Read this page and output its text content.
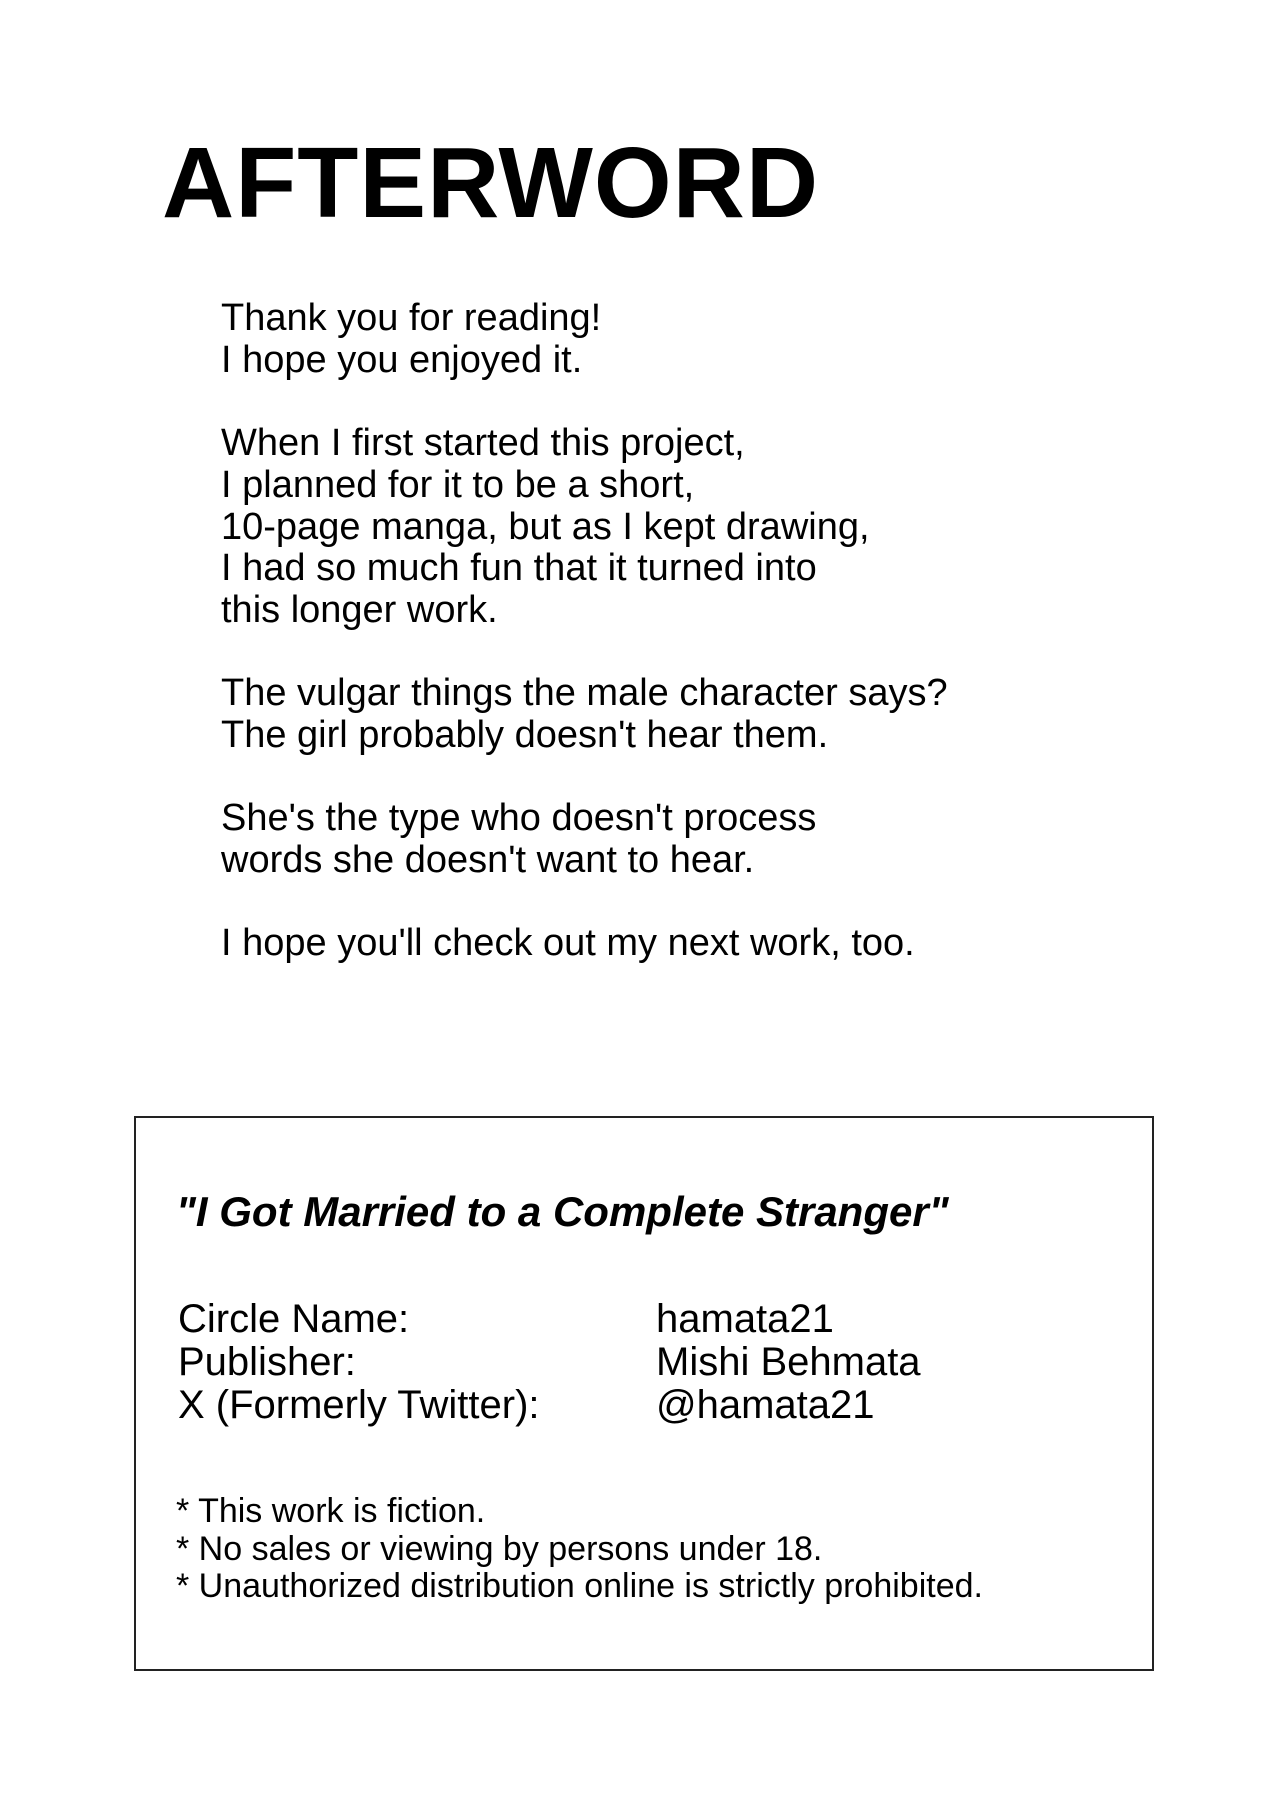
AFTERWORD

Thank you for reading!
I hope you enjoyed it.

When I first started this project,
I planned for it to be a short,
10-page manga, but as I kept drawing,
I had so much fun that it turned into
this longer work.

The vulgar things the male character says?
The girl probably doesn't hear them.

She's the type who doesn't process
words she doesn't want to hear.

I hope you'll check out my next work, too.

"I Got Married to a Complete Stranger"
Circle Name:	hamata21
Publisher:	Mishi Behmata
X (Formerly Twitter):	@hamata21
* This work is fiction.
* No sales or viewing by persons under 18.
* Unauthorized distribution online is strictly prohibited.
